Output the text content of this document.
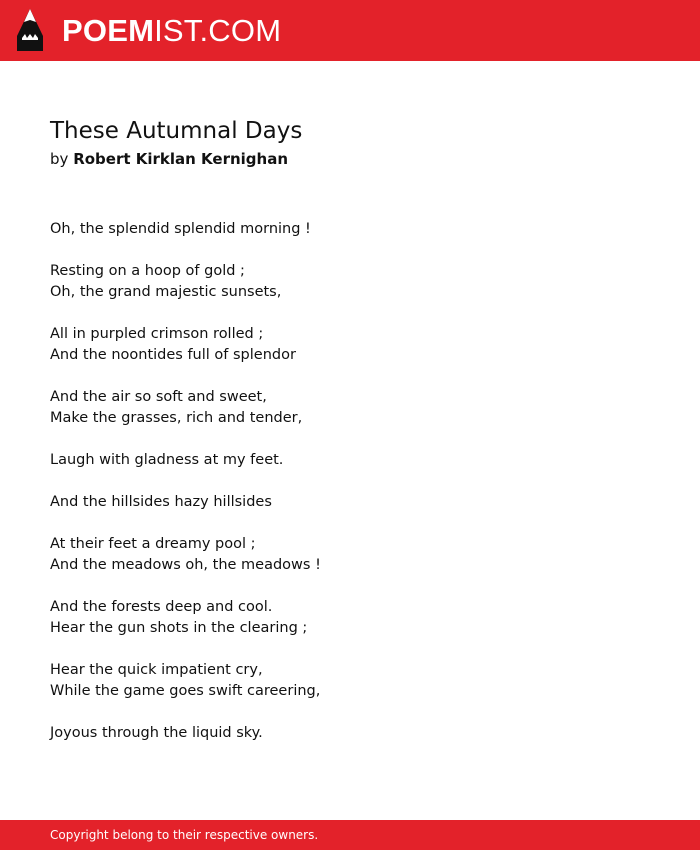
POEMIST.COM
These Autumnal Days
by Robert Kirklan Kernighan
Oh, the splendid splendid morning !
Resting on a hoop of gold ;
Oh, the grand majestic sunsets,
All in purpled crimson rolled ;
And the noontides full of splendor
And the air so soft and sweet,
Make the grasses, rich and tender,
Laugh with gladness at my feet.
And the hillsides hazy hillsides
At their feet a dreamy pool ;
And the meadows oh, the meadows !
And the forests deep and cool.
Hear the gun shots in the clearing ;
Hear the quick impatient cry,
While the game goes swift careering,
Joyous through the liquid sky.
Copyright belong to their respective owners.
